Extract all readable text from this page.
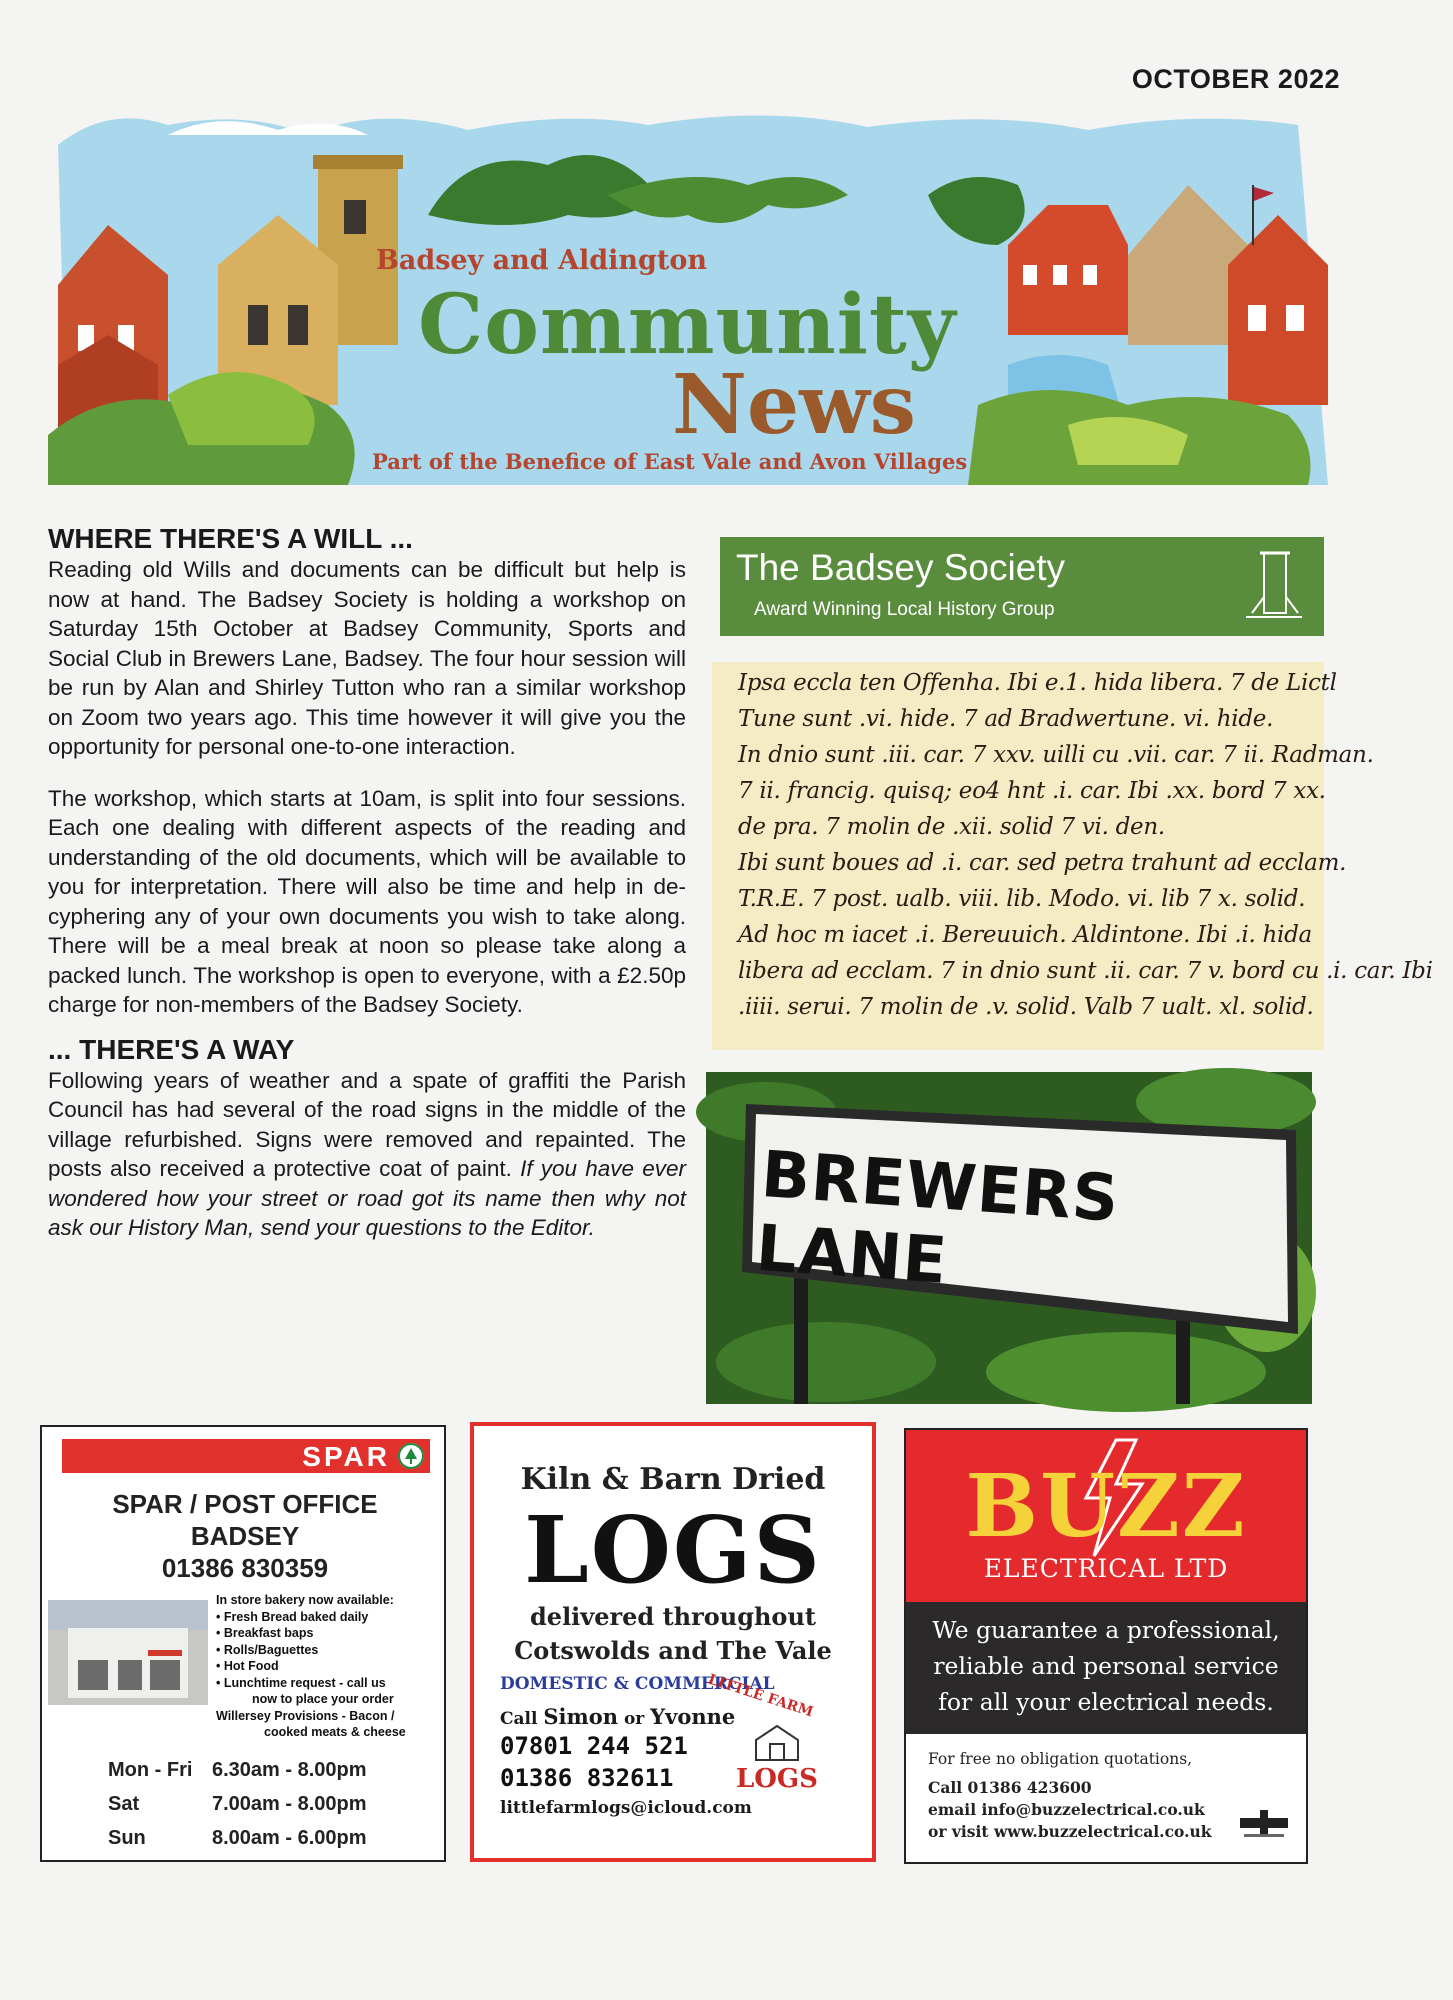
OCTOBER 2022
Badsey and Aldington
Community
News
Part of the Benefice of East Vale and Avon Villages
WHERE THERE'S A WILL ...

Reading old Wills and documents can be difficult but help is now at hand. The Badsey Society is holding a workshop on Saturday 15th October at Badsey Community, Sports and Social Club in Brewers Lane, Badsey. The four hour session will be run by Alan and Shirley Tutton who ran a similar workshop on Zoom two years ago. This time however it will give you the opportunity for personal one-to-one interaction.

The workshop, which starts at 10am, is split into four sessions. Each one dealing with different aspects of the reading and understanding of the old documents, which will be available to you for interpretation. There will also be time and help in de-cyphering any of your own documents you wish to take along. There will be a meal break at noon so please take along a packed lunch. The workshop is open to everyone, with a £2.50p charge for non-members of the Badsey Society.

... THERE'S A WAY

Following years of weather and a spate of graffiti the Parish Council has had several of the road signs in the middle of the village refurbished. Signs were removed and repainted. The posts also received a protective coat of paint. If you have ever wondered how your street or road got its name then why not ask our History Man, send your questions to the Editor.

The Badsey Society
Award Winning Local History Group
Ipsa eccla ten Offenha. Ibi e.1. hida libera. 7 de Lictl
Tune sunt .vi. hide. 7 ad Bradwertune. vi. hide.
In dnio sunt .iii. car. 7 xxv. uilli cu .vii. car. 7 ii. Radman.
7 ii. francig. quisq; eo4 hnt .i. car. Ibi .xx. bord 7 xx.
de pra. 7 molin de .xii. solid 7 vi. den.
Ibi sunt boues ad .i. car. sed petra trahunt ad ecclam.
T.R.E. 7 post. ualb. viii. lib. Modo. vi. lib 7 x. solid.
Ad hoc m iacet .i. Bereuuich. Aldintone. Ibi .i. hida
libera ad ecclam. 7 in dnio sunt .ii. car. 7 v. bord cu .i. car. Ibi
.iiii. serui. 7 molin de .v. solid. Valb 7 ualt. xl. solid.
BREWERS LANE
SPAR
SPAR / POST OFFICE
BADSEY
01386 830359
In store bakery now available:
• Fresh Bread baked daily
• Breakfast baps
• Rolls/Baguettes
• Hot Food
• Lunchtime request - call us
now to place your order
Willersey Provisions - Bacon /
cooked meats & cheese
Mon - Fri 6.30am - 8.00pm
Sat	7.00am - 8.00pm
Sun	8.00am - 6.00pm
Kiln & Barn Dried
LOGS
delivered throughout
Cotswolds and The Vale
DOMESTIC & COMMERCIAL
Call Simon or Yvonne
07801 244 521
01386 832611
littlefarmlogs@icloud.com
LITTLE FARM
LOGS
BUZZ
ELECTRICAL LTD
We guarantee a professional,
reliable and personal service
for all your electrical needs.
For free no obligation quotations,
Call 01386 423600
email info@buzzelectrical.co.uk
or visit www.buzzelectrical.co.uk
